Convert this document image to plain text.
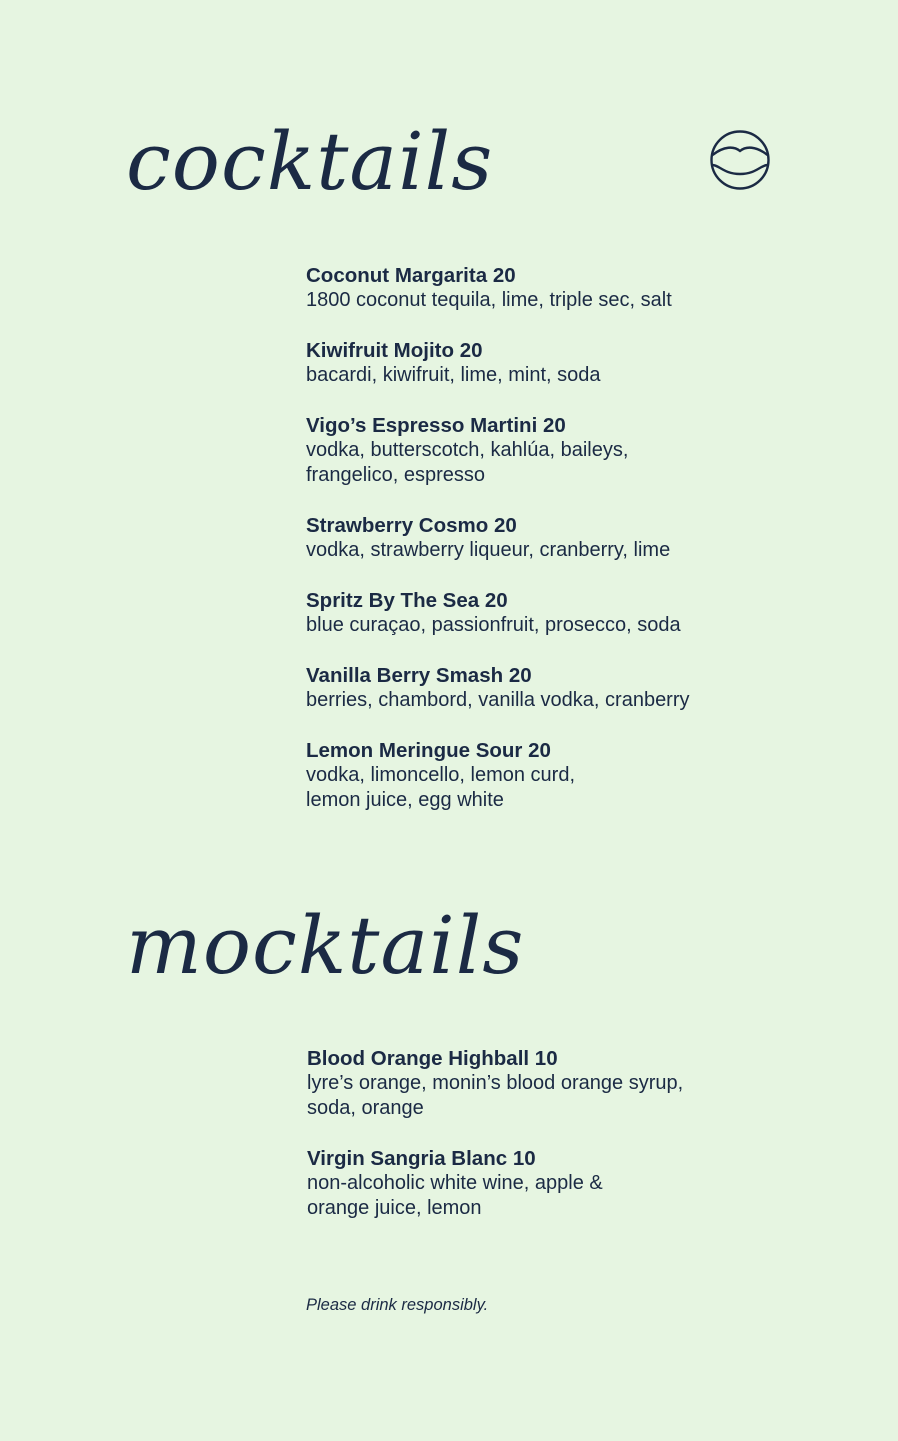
cocktails
Coconut Margarita 20
1800 coconut tequila, lime, triple sec, salt
Kiwifruit Mojito 20
bacardi, kiwifruit, lime, mint, soda
Vigo’s Espresso Martini 20
vodka, butterscotch, kahlúa, baileys,
frangelico, espresso
Strawberry Cosmo 20
vodka, strawberry liqueur, cranberry, lime
Spritz By The Sea 20
blue curaçao, passionfruit, prosecco, soda
Vanilla Berry Smash 20
berries, chambord, vanilla vodka, cranberry
Lemon Meringue Sour 20
vodka, limoncello, lemon curd,
lemon juice, egg white
mocktails
Blood Orange Highball 10
lyre’s orange, monin’s blood orange syrup,
soda, orange
Virgin Sangria Blanc 10
non-alcoholic white wine, apple &
orange juice, lemon
Please drink responsibly.
